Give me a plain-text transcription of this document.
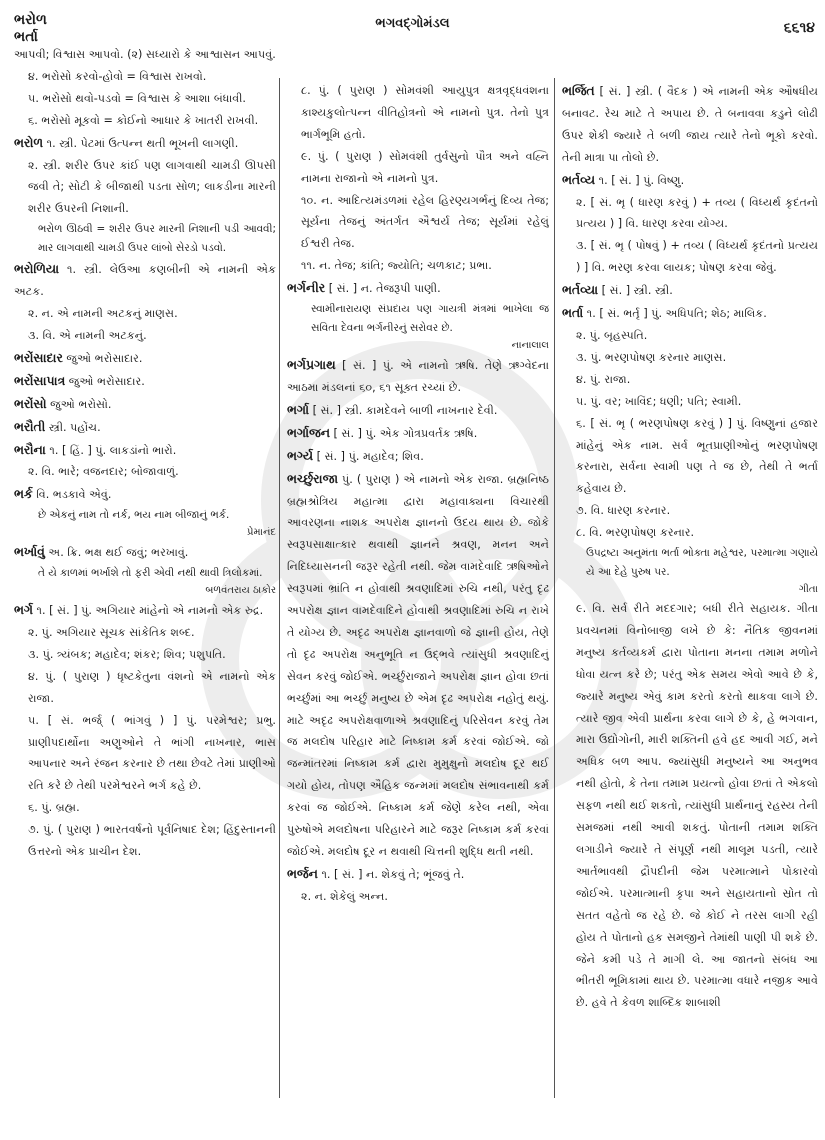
ભરોળ
ભર્તા
ભગવદ્ગોમંડલ	૬૬૧૪
આપવી; વિશ્વાસ આપવો. (૨) સધ્યારો કે આશ્વાસન આપવું.
૪. ભરોસો કરવો-હોવો = વિશ્વાસ રાખવો.
૫. ભરોસો થવો-પડવો = વિશ્વાસ કે આશા બંધાવી.
૬. ભરોસો મૂકવો = કોઈનો આધાર કે ખાતરી રાખવી.
ભરોળ ૧. સ્ત્રી. પેટમાં ઉત્પન્ન થતી ભૂખની લાગણી.
૨. સ્ત્રી. શરીર ઉપર કાંઈ પણ લાગવાથી ચામડી ઊપસી જવી તે; સોટી કે બીજાથી પડતા સોળ; લાકડીના મારની શરીર ઉપરની નિશાની.
ભરોળ ઊઠવી = શરીર ઉપર મારની નિશાની પડી આવવી; માર લાગવાથી ચામડી ઉપર લાંબો સેરડો પડવો.
ભરોળિયા ૧. સ્ત્રી. લેઉઆ કણબીની એ નામની એક અટક.
૨. ન. એ નામની અટકનું માણસ.
૩. વિ. એ નામની અટકનું.
ભરોંસાદાર જુઓ ભરોસાદાર.
ભરોંસાપાત્ર જુઓ ભરોસાદાર.
ભરોંસો જુઓ ભરોસો.
ભરૌતી સ્ત્રી. પહોંચ.
ભરૌના ૧. [ હિં. ] પું. લાકડાંનો ભારો.
૨. વિ. ભારે; વજનદાર; બોજાવાળું.
ભર્ક વિ. ભડકાવે એવું.
છે એકનું નામ તો નર્ક, ભય નામ બીજાનું ભર્ક.
પ્રેમાનંદ
ભર્ખાવું અ. ક્રિ. ભક્ષ થઈ જવું; ભરખાવું.
તે યે કાળમાં ભર્ખાશે તો ફરી એવી નથી થાવી ત્રિલોકમાં.
બળવંતરાય ઠાકોર
ભર્ગ ૧. [ સં. ] પું. અગિયાર માંહેનો એ નામનો એક રુદ્ર.
૨. પું. અગિયાર સૂચક સાંકેતિક શબ્દ.
૩. પું. ત્ર્યંબક; મહાદેવ; શંકર; શિવ; પશુપતિ.
૪. પું. ( પુરાણ ) ધૃષ્ટકેતુના વંશનો એ નામનો એક રાજા.
૫. [ સં. ભર્જ્ ( ભાંગવું ) ] પું. પરમેશ્વર; પ્રભુ. પ્રાણીપદાર્થોના અણુઓને તે ભાંગી નાખનાર, ભાસ આપનાર અને રંજન કરનાર છે તથા છેવટે તેમાં પ્રાણીઓ રતિ કરે છે તેથી પરમેશ્વરને ભર્ગ કહે છે.
૬. પું. બ્રહ્મ.
૭. પું. ( પુરાણ ) ભારતવર્ષનો પૂર્વનિષાદ દેશ; હિંદુસ્તાનની ઉત્તરનો એક પ્રાચીન દેશ.
૮. પું. ( પુરાણ ) સોમવંશી આયુપુત્ર ક્ષત્રવૃદ્ધવંશના કાશ્યકુલોત્પન્ન વીતિહોત્રનો એ નામનો પુત્ર. તેનો પુત્ર ભાર્ગભૂમિ હતો.
૯. પું. ( પુરાણ ) સોમવંશી તુર્વસુનો પૌત્ર અને વહ્નિ નામના રાજાનો એ નામનો પુત્ર.
૧૦. ન. આદિત્યમંડળમાં રહેલ હિરણ્યગર્ભનું દિવ્ય તેજ; સૂર્યના તેજનું અંતર્ગત ઐશ્વર્ય તેજ; સૂર્યમાં રહેલું ઈશ્વરી તેજ.
૧૧. ન. તેજ; કાંતિ; જ્યોતિ; ચળકાટ; પ્રભા.
ભર્ગનીર [ સં. ] ન. તેજરૂપી પાણી.
સ્વામીનારાયણ સંપ્રદાય પણ ગાયત્રી મંત્રમાં ભાખેલા જ સવિતા દેવના ભર્ગનીરનું સરોવર છે.
નાનાલાલ
ભર્ગપ્રગાથ [ સં. ] પું. એ નામનો ઋષિ. તેણે ઋગ્વેદના આઠમા મંડલનાં ૬૦, ૬૧ સૂક્ત રચ્યાં છે.
ભર્ગા [ સં. ] સ્ત્રી. કામદેવને બાળી નાખનાર દેવી.
ભર્ગાજન [ સં. ] પું. એક ગોત્રપ્રવર્તક ઋષિ.
ભર્ગ્ય [ સં. ] પું. મહાદેવ; શિવ.
ભર્ચ્છુરાજા પું. ( પુરાણ ) એ નામનો એક રાજા. બ્રહ્મનિષ્ઠ બ્રહ્મશ્રોત્રિય મહાત્મા દ્વારા મહાવાક્યના વિચારથી આવરણના નાશક અપરોક્ષ જ્ઞાનનો ઉદય થાય છે. જોકે સ્વરૂપસાક્ષાત્કાર થવાથી જ્ઞાનને શ્રવણ, મનન અને નિદિધ્યાસનની જરૂર રહેતી નથી. જેમ વામદેવાદિ ઋષિઓને સ્વરૂપમાં ભ્રાંતિ ન હોવાથી શ્રવણાદિમાં રુચિ નથી, પરંતુ દૃઢ અપરોક્ષ જ્ઞાન વામદેવાદિને હોવાથી શ્રવણાદિમાં રુચિ ન રાખે તે યોગ્ય છે. અદૃઢ અપરોક્ષ જ્ઞાનવાળો જે જ્ઞાની હોય, તેણે તો દૃઢ અપરોક્ષ અનુભૂતિ ન ઉદ્ભવે ત્યાંસુધી શ્રવણાદિનું સેવન કરવું જોઈએ. ભર્ચ્છુરાજાને અપરોક્ષ જ્ઞાન હોવા છતાં ભર્ચ્છુમાં આ ભર્ચ્છુ મનુષ્ય છે એમ દૃઢ અપરોક્ષ નહોતું થયું. માટે અદૃઢ અપરોક્ષવાળાએ શ્રવણાદિનું પરિસેવન કરવું તેમ જ મલદોષ પરિહાર માટે નિષ્કામ કર્મ કરવાં જોઈએ. જો જન્માંતરમાં નિષ્કામ કર્મ દ્વારા મુમુક્ષુનો મલદોષ દૂર થઈ ગયો હોય, તોપણ ઐહિક જન્મમાં મલદોષ સંભાવનાથી કર્મ કરવાં જ જોઈએ. નિષ્કામ કર્મ જેણે કરેલ નથી, એવા પુરુષોએ મલદોષના પરિહારને માટે જરૂર નિષ્કામ કર્મ કરવાં જોઈએ. મલદોષ દૂર ન થવાથી ચિત્તની શુદ્ધિ થતી નથી.
ભર્જન ૧. [ સં. ] ન. શેકવું તે; ભૂંજવું તે.
૨. ન. શેકેલું અન્ન.
ભર્જિત [ સં. ] સ્ત્રી. ( વૈદક ) એ નામની એક ઔષધીય બનાવટ. રેચ માટે તે અપાય છે. તે બનાવવા કડુને લોઢી ઉપર શેકી જ્યારે તે બળી જાય ત્યારે તેનો ભૂકો કરવો. તેની માત્રા પા તોલો છે.
ભર્તવ્ય ૧. [ સં. ] પું. વિષ્ણુ.
૨. [ સં. ભૃ ( ધારણ કરવું ) + તવ્ય ( વિધ્યર્થ કૃદંતનો પ્રત્યય ) ] વિ. ધારણ કરવા યોગ્ય.
૩. [ સં. ભૃ ( પોષવું ) + તવ્ય ( વિધ્યર્થ કૃદંતનો પ્રત્યય ) ] વિ. ભરણ કરવા લાયક; પોષણ કરવા જેવું.
ભર્તવ્યા [ સં. ] સ્ત્રી. સ્ત્રી.
ભર્તા ૧. [ સં. ભર્તૃ ] પું. અધિપતિ; શેઠ; માલિક.
૨. પું. બૃહસ્પતિ.
૩. પું. ભરણપોષણ કરનાર માણસ.
૪. પું. રાજા.
૫. પું. વર; ખાવિંદ; ધણી; પતિ; સ્વામી.
૬. [ સં. ભૃ ( ભરણપોષણ કરવું ) ] પું. વિષ્ણુનાં હજાર માંહેનું એક નામ. સર્વ ભૂતપ્રાણીઓનું ભરણપોષણ કરનારા, સર્વના સ્વામી પણ તે જ છે, તેથી તે ભર્તા કહેવાય છે.
૭. વિ. ધારણ કરનાર.
૮. વિ. ભરણપોષણ કરનાર.
ઉપદ્રષ્ટા અનુમંતા ભર્તા ભોક્તા મહેશ્વર, પરમાત્મા ગણાયે યે આ દેહે પુરુષ પર.
ગીતા
૯. વિ. સર્વ રીતે મદદગાર; બધી રીતે સહાયક. ગીતા પ્રવચનમાં વિનોબાજી લખે છે કે: નૈતિક જીવનમાં મનુષ્ય કર્તવ્યકર્મ દ્વારા પોતાના મનના તમામ મળોને ધોવા યત્ન કરે છે; પરંતુ એક સમય એવો આવે છે કે, જ્યારે મનુષ્ય એવું કામ કરતો કરતો થાકવા લાગે છે. ત્યારે જીવ એવી પ્રાર્થના કરવા લાગે છે કે, હે ભગવાન, મારા ઉદ્યોગોની, મારી શક્તિની હવે હદ આવી ગઈ, મને અધિક બળ આપ. જ્યાંસુધી મનુષ્યને આ અનુભવ નથી હોતો, કે તેના તમામ પ્રયત્નો હોવા છતાં તે એકલો સફળ નથી થઈ શકતો, ત્યાંસુધી પ્રાર્થનાનું રહસ્ય તેની સમજમાં નથી આવી શકતું. પોતાની તમામ શક્તિ લગાડીને જ્યારે તે સંપૂર્ણ નથી માલૂમ પડતી, ત્યારે આર્તભાવથી દ્રૌપદીની જેમ પરમાત્માને પોકારવો જોઈએ. પરમાત્માની કૃપા અને સહાયતાનો સ્રોત તો સતત વહેતો જ રહે છે. જે કોઈ ને તરસ લાગી રહી હોય તે પોતાનો હક સમજીને તેમાંથી પાણી પી શકે છે. જેને કમી પડે તે માગી લે. આ જાતનો સંબંધ આ ભીતરી ભૂમિકામાં થાય છે. પરમાત્મા વધારે નજીક આવે છે. હવે તે કેવળ શાબ્દિક શાબાશી
